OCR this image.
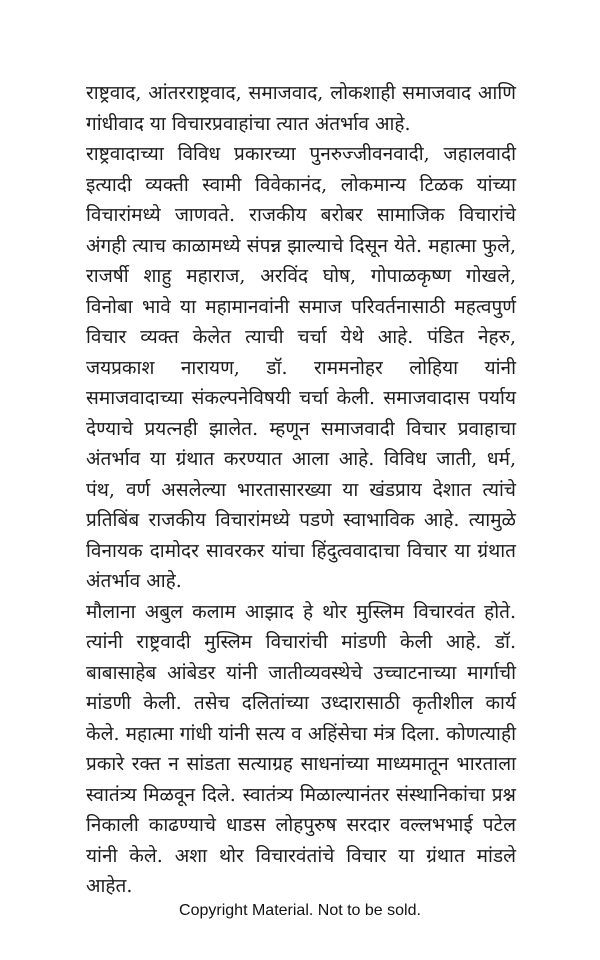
राष्ट्रवाद, आंतरराष्ट्रवाद, समाजवाद, लोकशाही समाजवाद आणि गांधीवाद या विचारप्रवाहांचा त्यात अंतर्भाव आहे.

राष्ट्रवादाच्या विविध प्रकारच्या पुनरुज्जीवनवादी, जहालवादी इत्यादी व्यक्ती स्वामी विवेकानंद, लोकमान्य टिळक यांच्या विचारांमध्ये जाणवते. राजकीय बरोबर सामाजिक विचारांचे अंगही त्याच काळामध्ये संपन्न झाल्याचे दिसून येते. महात्मा फुले, राजर्षी शाहु महाराज, अरविंद घोष, गोपाळकृष्ण गोखले, विनोबा भावे या महामानवांनी समाज परिवर्तनासाठी महत्वपुर्ण विचार व्यक्त केलेत त्याची चर्चा येथे आहे. पंडित नेहरु, जयप्रकाश नारायण, डॉ. राममनोहर लोहिया यांनी समाजवादाच्या संकल्पनेविषयी चर्चा केली. समाजवादास पर्याय देण्याचे प्रयत्नही झालेत. म्हणून समाजवादी विचार प्रवाहाचा अंतर्भाव या ग्रंथात करण्यात आला आहे. विविध जाती, धर्म, पंथ, वर्ण असलेल्या भारतासारख्या या खंडप्राय देशात त्यांचे प्रतिबिंब राजकीय विचारांमध्ये पडणे स्वाभाविक आहे. त्यामुळे विनायक दामोदर सावरकर यांचा हिंदुत्ववादाचा विचार या ग्रंथात अंतर्भाव आहे.

मौलाना अबुल कलाम आझाद हे थोर मुस्लिम विचारवंत होते. त्यांनी राष्ट्रवादी मुस्लिम विचारांची मांडणी केली आहे. डॉ. बाबासाहेब आंबेडर यांनी जातीव्यवस्थेचे उच्चाटनाच्या मार्गाची मांडणी केली. तसेच दलितांच्या उध्दारासाठी कृतीशील कार्य केले. महात्मा गांधी यांनी सत्य व अहिंसेचा मंत्र दिला. कोणत्याही प्रकारे रक्त न सांडता सत्याग्रह साधनांच्या माध्यमातून भारताला स्वातंत्र्य मिळवून दिले. स्वातंत्र्य मिळाल्यानंतर संस्थानिकांचा प्रश्न निकाली काढण्याचे धाडस लोहपुरुष सरदार वल्लभभाई पटेल यांनी केले. अशा थोर विचारवंतांचे विचार या ग्रंथात मांडले आहेत.

Copyright Material. Not to be sold.
